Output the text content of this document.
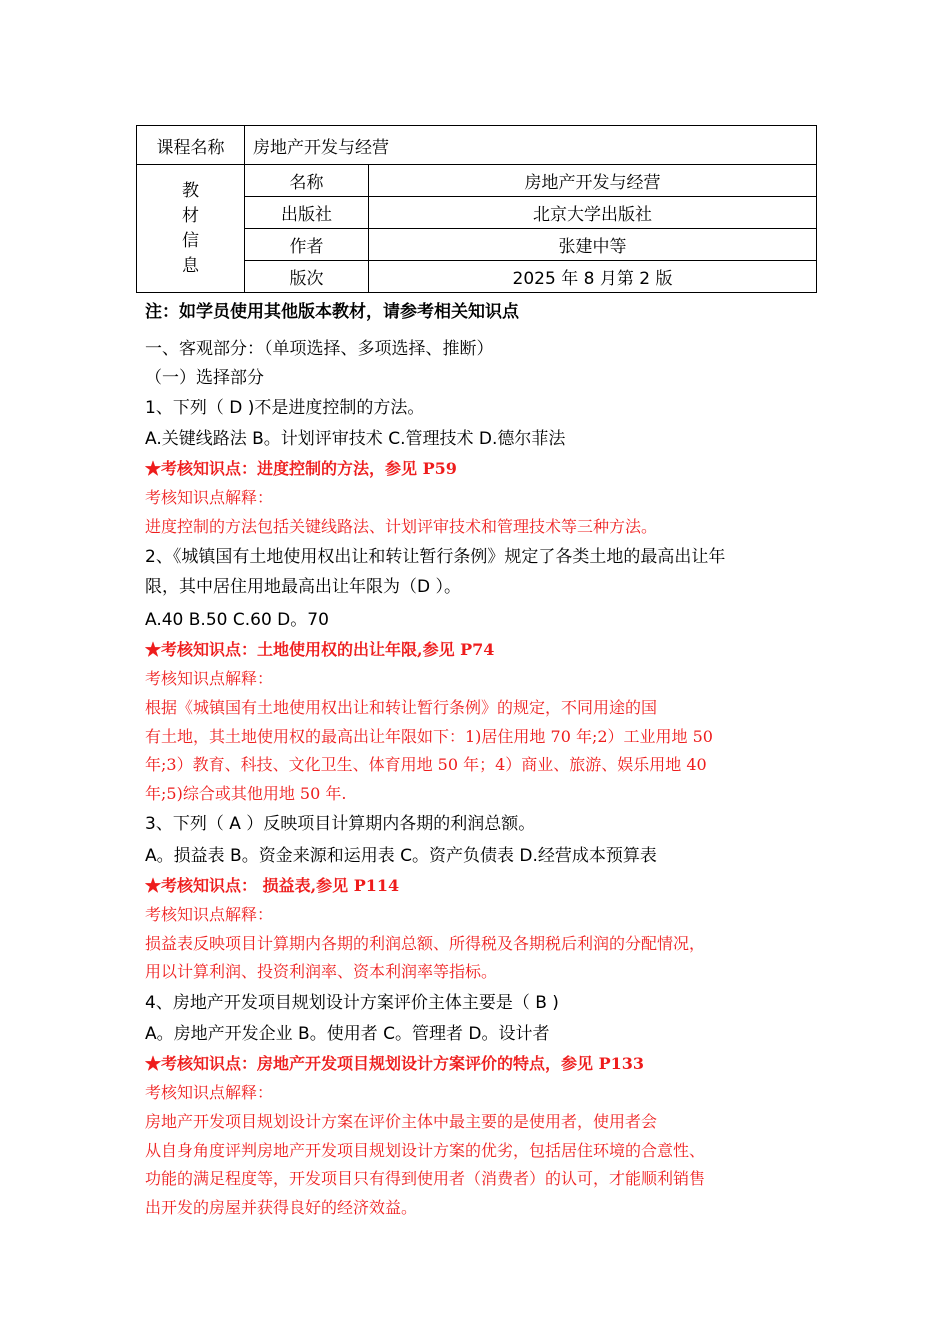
课程名称	房地产开发与经营	

教材信息	名称	房地产开发与经营
	出版社	北京大学出版社
	作者	张建中等
	版次	2025 年 8 月第 2 版
注：如学员使用其他版本教材，请参考相关知识点
一、客观部分：（单项选择、多项选择、推断）
（一）选择部分
1、下列（ D )不是进度控制的方法。
A.关键线路法 B。计划评审技术 C.管理技术 D.德尔菲法
★考核知识点：进度控制的方法，参见 P59
考核知识点解释：
进度控制的方法包括关键线路法、计划评审技术和管理技术等三种方法。
2、《城镇国有土地使用权出让和转让暂行条例》规定了各类土地的最高出让年
限，其中居住用地最高出让年限为（D ）。
A.40 B.50 C.60 D。70
★考核知识点：土地使用权的出让年限,参见 P74
考核知识点解释：
根据《城镇国有土地使用权出让和转让暂行条例》的规定，不同用途的国
有土地，其土地使用权的最高出让年限如下：1)居住用地 70 年;2）工业用地 50
年;3）教育、科技、文化卫生、体育用地 50 年；4）商业、旅游、娱乐用地 40
年;5)综合或其他用地 50 年.
3、下列（ A ）反映项目计算期内各期的利润总额。
A。损益表 B。资金来源和运用表 C。资产负债表 D.经营成本预算表
★考核知识点： 损益表,参见 P114
考核知识点解释：
损益表反映项目计算期内各期的利润总额、所得税及各期税后利润的分配情况，
用以计算利润、投资利润率、资本利润率等指标。
4、房地产开发项目规划设计方案评价主体主要是（ B )
A。房地产开发企业 B。使用者 C。管理者 D。设计者
★考核知识点：房地产开发项目规划设计方案评价的特点，参见 P133
考核知识点解释：
房地产开发项目规划设计方案在评价主体中最主要的是使用者，使用者会
从自身角度评判房地产开发项目规划设计方案的优劣，包括居住环境的合意性、
功能的满足程度等，开发项目只有得到使用者（消费者）的认可，才能顺利销售
出开发的房屋并获得良好的经济效益。
